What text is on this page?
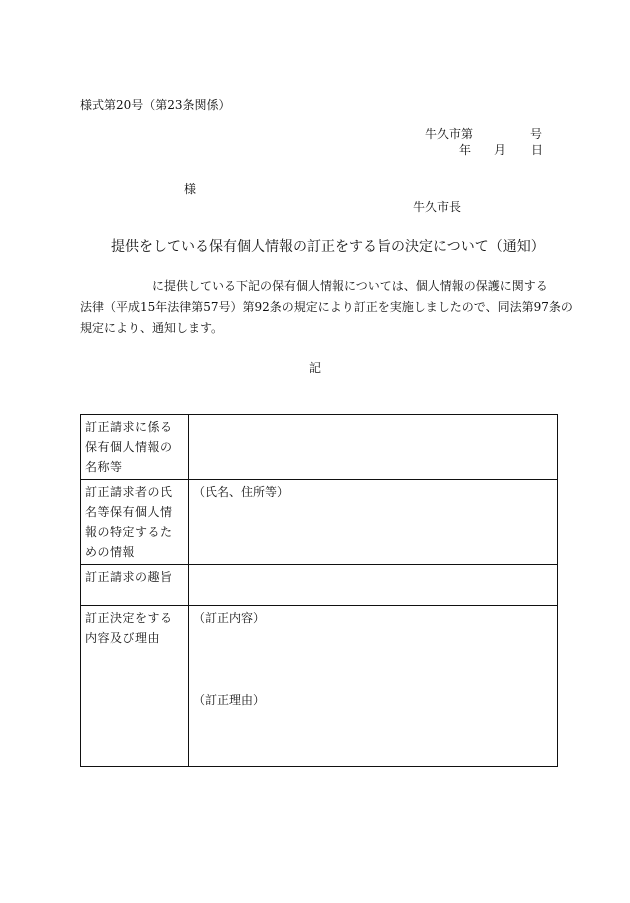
様式第20号（第23条関係）
牛久市第	号
年 月 日
様
牛久市長
提供をしている保有個人情報の訂正をする旨の決定について（通知）
に提供している下記の保有個人情報については、個人情報の保護に関する
法律（平成15年法律第57号）第92条の規定により訂正を実施しましたので、同法第97条の
規定により、通知します。
記
訂正請求に係る保有個人情報の名称等	
訂正請求者の氏名等保有個人情報の特定するための情報	（氏名、住所等）
訂正請求の趣旨	
訂正決定をする内容及び理由	（訂正内容）
（訂正理由）
